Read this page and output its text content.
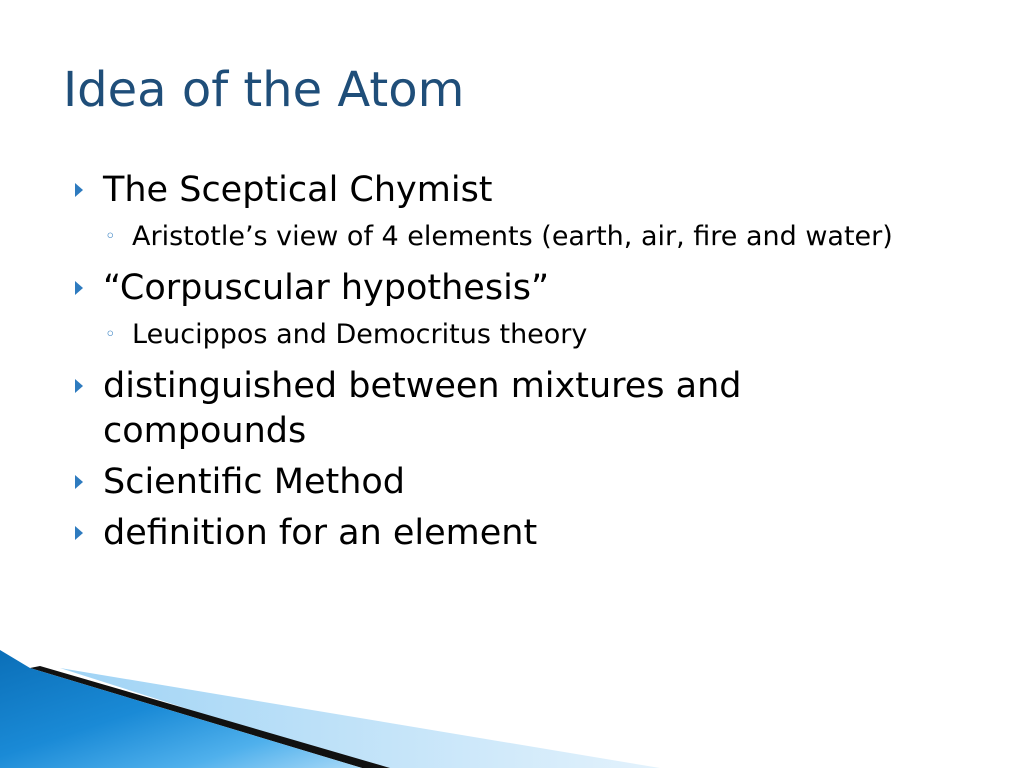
Idea of the Atom
The Sceptical Chymist
◦ Aristotle’s view of 4 elements (earth, air, fire and water)
“Corpuscular hypothesis”
◦ Leucippos and Democritus theory
distinguished between mixtures and compounds
Scientific Method
definition for an element
